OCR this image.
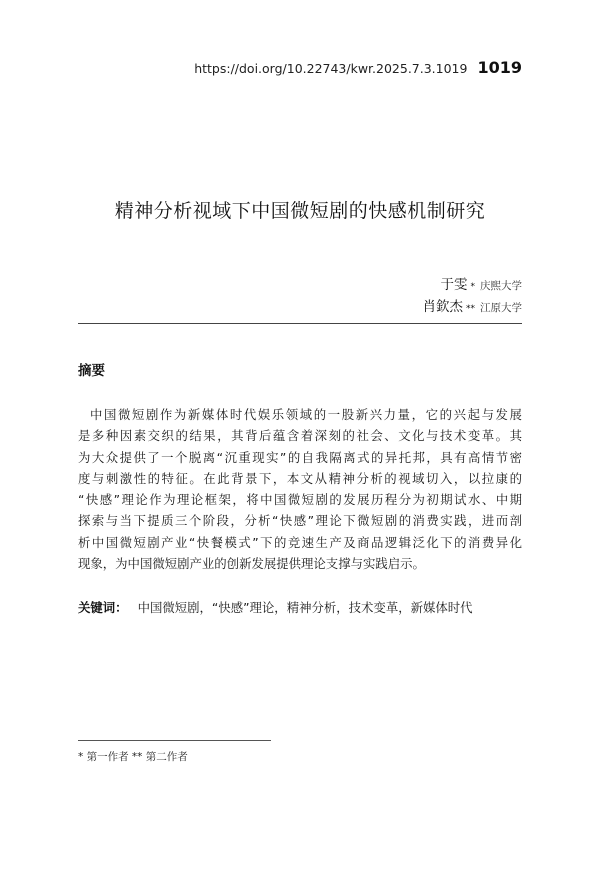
https://doi.org/10.22743/kwr.2025.7.3.1019 1019
精神分析视域下中国微短剧的快感机制研究
于雯 * 庆熙大学
肖欽杰 ** 江原大学
摘要
中 国 微 短 剧 作 为 新 媒 体 时 代 娱 乐 领 域 的 一 股 新 兴 力 量 ， 它 的 兴 起 与 发 展
是 多 种 因 素 交 织 的 结 果 ， 其 背 后 蕴 含 着 深 刻 的 社 会 、 文 化 与 技 术 变 革 。 其
为 大 众 提 供 了 一 个 脱 离 “ 沉 重 现 实 ” 的 自 我 隔 离 式 的 异 托 邦 ， 具 有 高 情 节 密
度 与 刺 激 性 的 特 征 。 在 此 背 景 下 ， 本 文 从 精 神 分 析 的 视 域 切 入 ， 以 拉 康 的
“ 快 感 ” 理 论 作 为 理 论 框 架 ， 将 中 国 微 短 剧 的 发 展 历 程 分 为 初 期 试 水 、 中 期
探 索 与 当 下 提 质 三 个 阶 段 ， 分 析 “ 快 感 ” 理 论 下 微 短 剧 的 消 费 实 践 ， 进 而 剖
析 中 国 微 短 剧 产 业 “ 快 餐 模 式 ” 下 的 竞 速 生 产 及 商 品 逻 辑 泛 化 下 的 消 费 异 化
现象，为中国微短剧产业的创新发展提供理论支撑与实践启示。
关键词： 中国微短剧，“快感”理论，精神分析，技术变革，新媒体时代
* 第一作者 ** 第二作者
